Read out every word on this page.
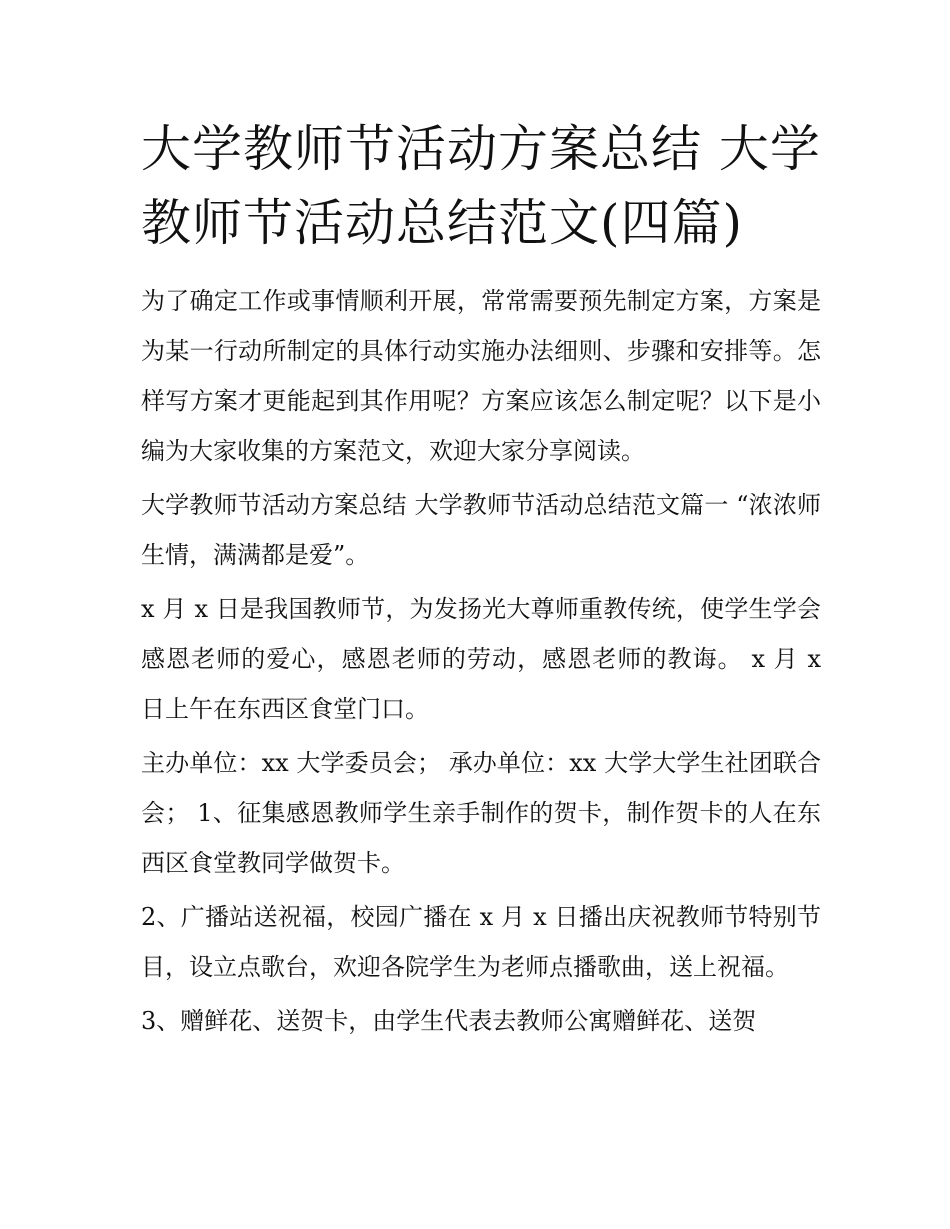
大学教师节活动方案总结 大学教师节活动总结范文(四篇)

为了确定工作或事情顺利开展，常常需要预先制定方案，方案是为某一行动所制定的具体行动实施办法细则、步骤和安排等。怎样写方案才更能起到其作用呢？方案应该怎么制定呢？以下是小编为大家收集的方案范文，欢迎大家分享阅读。

大学教师节活动方案总结 大学教师节活动总结范文篇一 “浓浓师生情，满满都是爱”。

x 月 x 日是我国教师节，为发扬光大尊师重教传统，使学生学会感恩老师的爱心，感恩老师的劳动，感恩老师的教诲。 x 月 x 日上午在东西区食堂门口。

主办单位：xx 大学委员会； 承办单位：xx 大学大学生社团联合会； 1、征集感恩教师学生亲手制作的贺卡，制作贺卡的人在东西区食堂教同学做贺卡。

2、广播站送祝福，校园广播在 x 月 x 日播出庆祝教师节特别节目，设立点歌台，欢迎各院学生为老师点播歌曲，送上祝福。

3、赠鲜花、送贺卡，由学生代表去教师公寓赠鲜花、送贺
